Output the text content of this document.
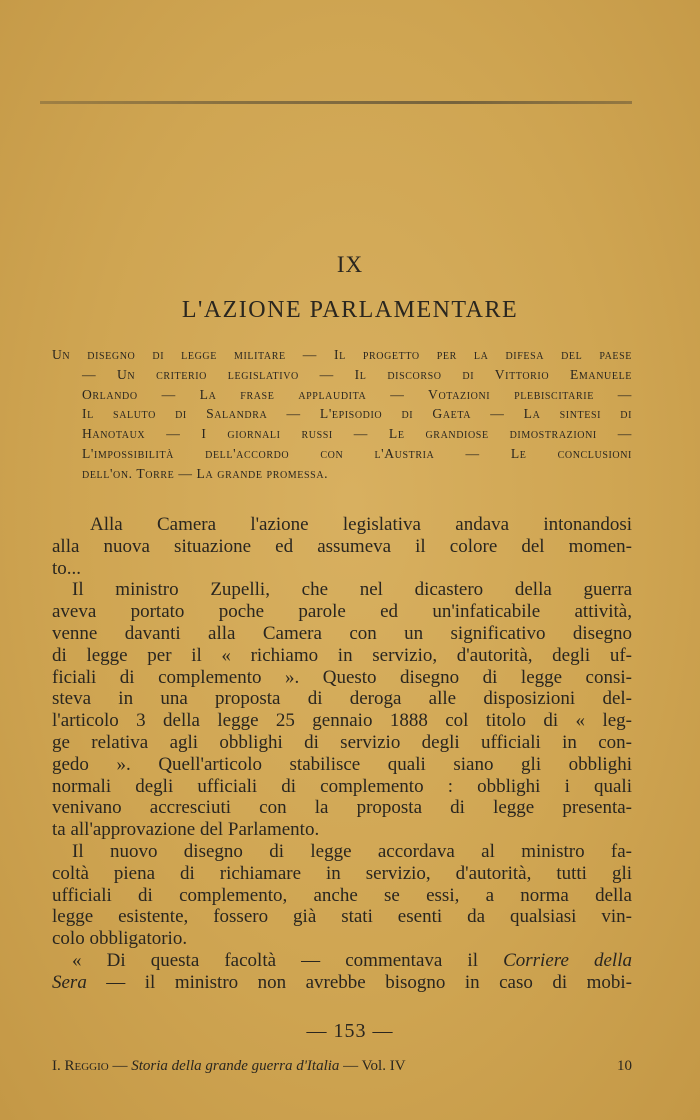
IX
L'AZIONE PARLAMENTARE
Un disegno di legge militare — Il progetto per la difesa del paese
— Un criterio legislativo — Il discorso di Vittorio Emanuele
Orlando — La frase applaudita — Votazioni plebiscitarie —
Il saluto di Salandra — L'episodio di Gaeta — La sintesi di
Hanotaux — I giornali russi — Le grandiose dimostrazioni —
L'impossibilità dell'accordo con l'Austria — Le conclusioni
dell'on. Torre — La grande promessa.
Alla Camera l'azione legislativa andava intonandosi
alla nuova situazione ed assumeva il colore del momen-
to...
Il ministro Zupelli, che nel dicastero della guerra
aveva portato poche parole ed un'infaticabile attività,
venne davanti alla Camera con un significativo disegno
di legge per il « richiamo in servizio, d'autorità, degli uf-
ficiali di complemento ». Questo disegno di legge consi-
steva in una proposta di deroga alle disposizioni del-
l'articolo 3 della legge 25 gennaio 1888 col titolo di « leg-
ge relativa agli obblighi di servizio degli ufficiali in con-
gedo ». Quell'articolo stabilisce quali siano gli obblighi
normali degli ufficiali di complemento : obblighi i quali
venivano accresciuti con la proposta di legge presenta-
ta all'approvazione del Parlamento.
Il nuovo disegno di legge accordava al ministro fa-
coltà piena di richiamare in servizio, d'autorità, tutti gli
ufficiali di complemento, anche se essi, a norma della
legge esistente, fossero già stati esenti da qualsiasi vin-
colo obbligatorio.
« Di questa facoltà — commentava il Corriere della
Sera — il ministro non avrebbe bisogno in caso di mobi-
— 153 —
I. Reggio — Storia della grande guerra d'Italia — Vol. IV	10
